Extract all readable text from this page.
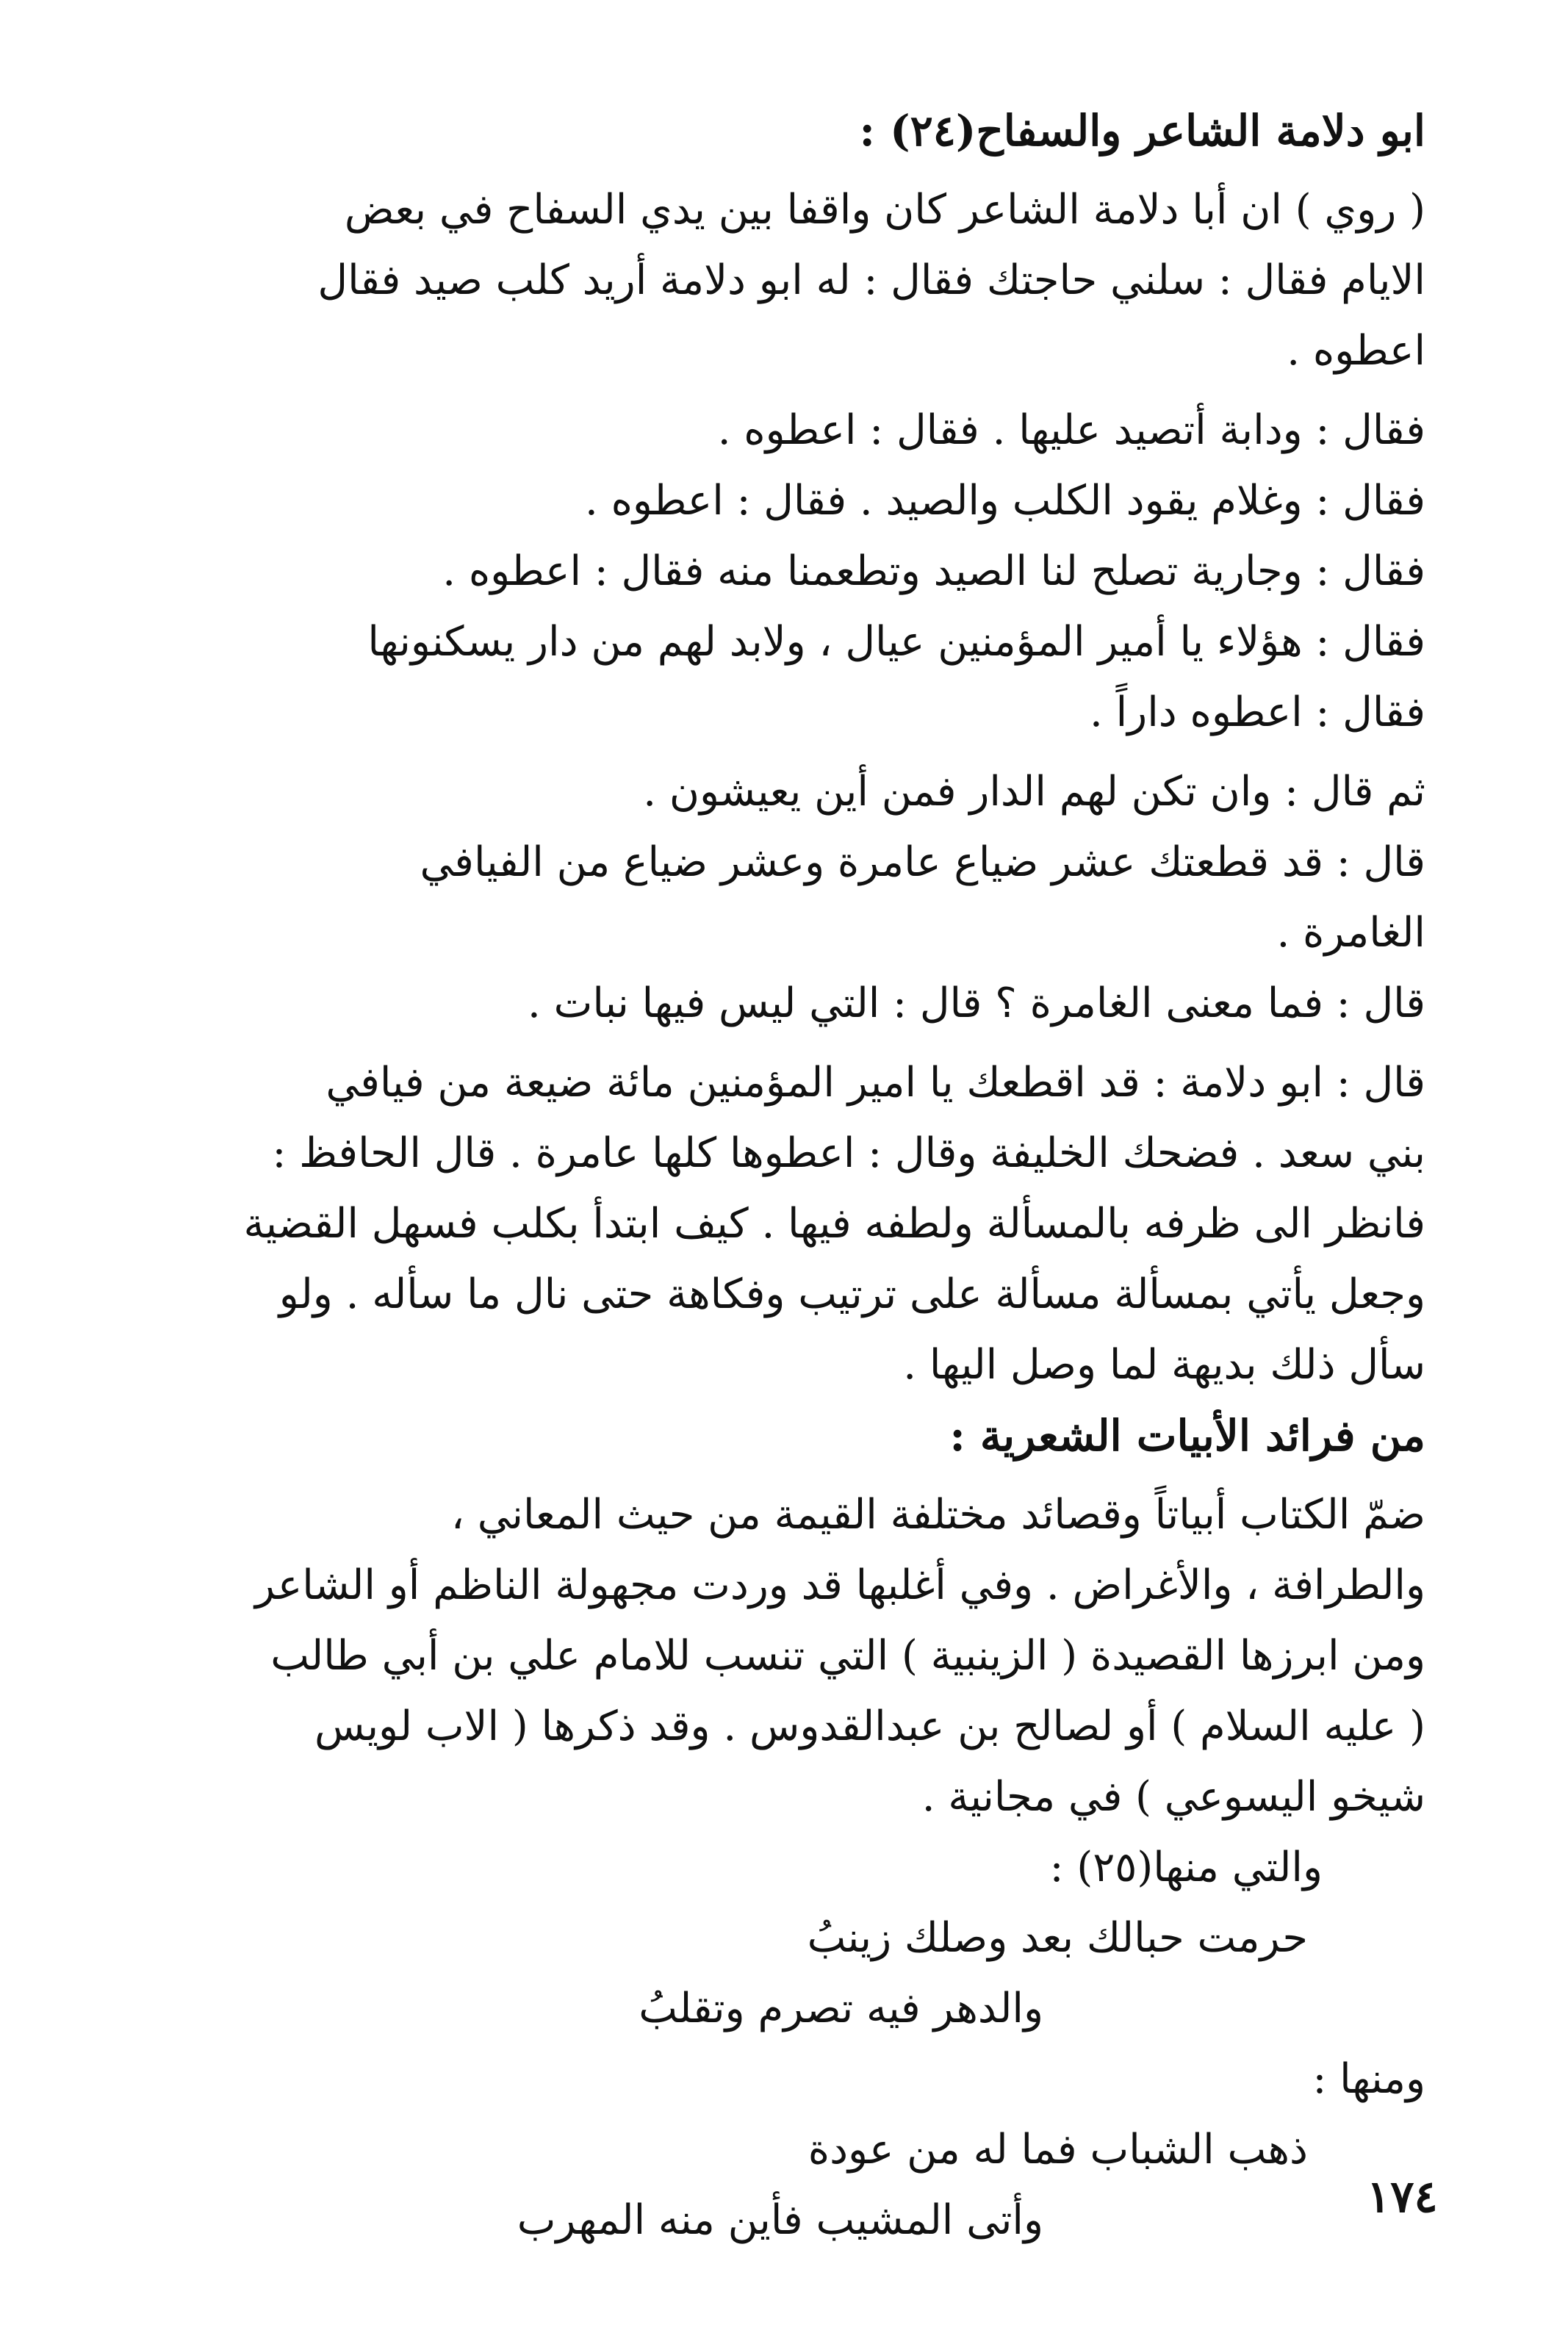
ابو دلامة الشاعر والسفاح(٢٤) :
( روي ) ان أبا دلامة الشاعر كان واقفا بين يدي السفاح في بعض
الايام فقال : سلني حاجتك فقال : له ابو دلامة أريد كلب صيد فقال
اعطوه .
فقال : ودابة أتصيد عليها . فقال : اعطوه .
فقال : وغلام يقود الكلب والصيد . فقال : اعطوه .
فقال : وجارية تصلح لنا الصيد وتطعمنا منه فقال : اعطوه .
فقال : هؤلاء يا أمير المؤمنين عيال ، ولابد لهم من دار يسكنونها
فقال : اعطوه داراً .
ثم قال : وان تكن لهم الدار فمن أين يعيشون .
قال : قد قطعتك عشر ضياع عامرة وعشر ضياع من الفيافي
الغامرة .
قال : فما معنى الغامرة ؟ قال : التي ليس فيها نبات .
قال : ابو دلامة : قد اقطعك يا امير المؤمنين مائة ضيعة من فيافي
بني سعد . فضحك الخليفة وقال : اعطوها كلها عامرة . قال الحافظ :
فانظر الى ظرفه بالمسألة ولطفه فيها . كيف ابتدأ بكلب فسهل القضية
وجعل يأتي بمسألة مسألة على ترتيب وفكاهة حتى نال ما سأله . ولو
سأل ذلك بديهة لما وصل اليها .
من فرائد الأبيات الشعرية :
ضمّ الكتاب أبياتاً وقصائد مختلفة القيمة من حيث المعاني ،
والطرافة ، والأغراض . وفي أغلبها قد وردت مجهولة الناظم أو الشاعر
ومن ابرزها القصيدة ( الزينبية ) التي تنسب للامام علي بن أبي طالب
( عليه السلام ) أو لصالح بن عبدالقدوس . وقد ذكرها ( الاب لويس
شيخو اليسوعي ) في مجانية .
والتي منها(٢٥) :
حرمت حبالك بعد وصلك زينبُ
والدهر فيه تصرم وتقلبُ
ومنها :
ذهب الشباب فما له من عودة
وأتى المشيب فأين منه المهرب	١٧٤
